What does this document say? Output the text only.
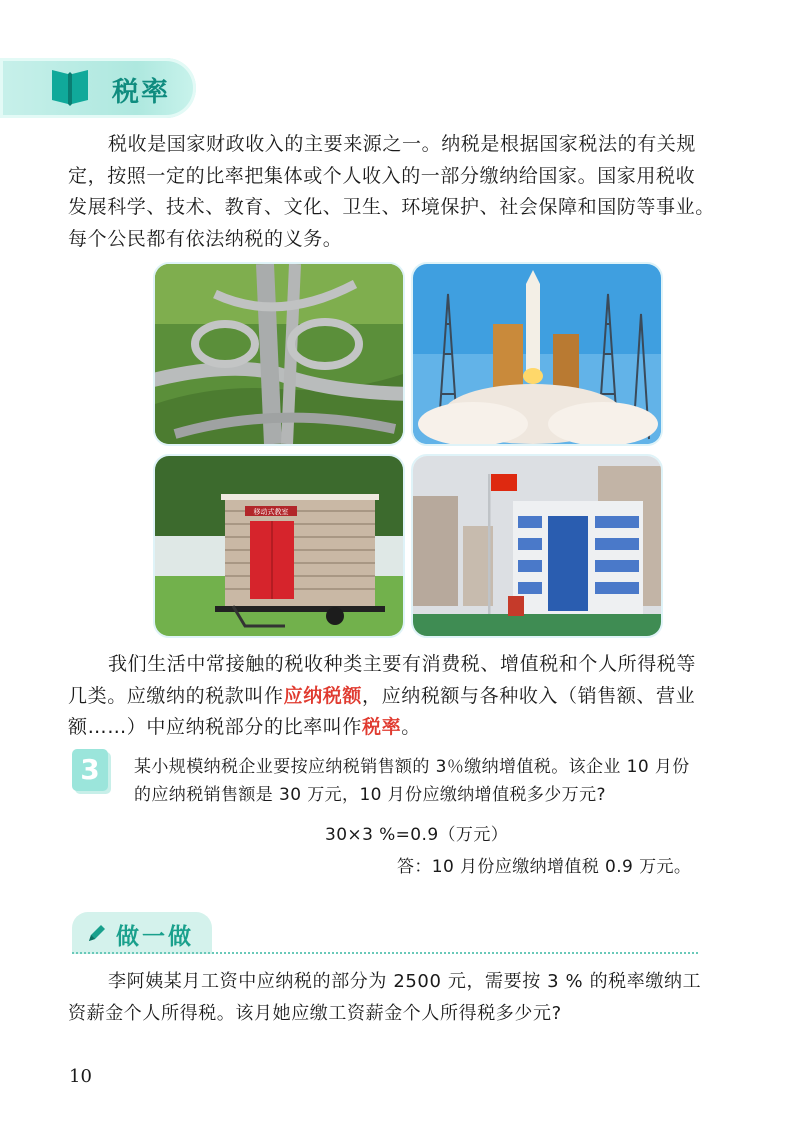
税率
税收是国家财政收入的主要来源之一。纳税是根据国家税法的有关规
定，按照一定的比率把集体或个人收入的一部分缴纳给国家。国家用税收
发展科学、技术、教育、文化、卫生、环境保护、社会保障和国防等事业。
每个公民都有依法纳税的义务。
移动式教室
我们生活中常接触的税收种类主要有消费税、增值税和个人所得税等
几类。应缴纳的税款叫作应纳税额，应纳税额与各种收入（销售额、营业
额……）中应纳税部分的比率叫作税率。
3	某小规模纳税企业要按应纳税销售额的 3％缴纳增值税。该企业 10 月份
的应纳税销售额是 30 万元，10 月份应缴纳增值税多少万元?
30×3 %=0.9（万元）
答：10 月份应缴纳增值税 0.9 万元。
做一做
李阿姨某月工资中应纳税的部分为 2500 元，需要按 3 % 的税率缴纳工
资薪金个人所得税。该月她应缴工资薪金个人所得税多少元?
10
